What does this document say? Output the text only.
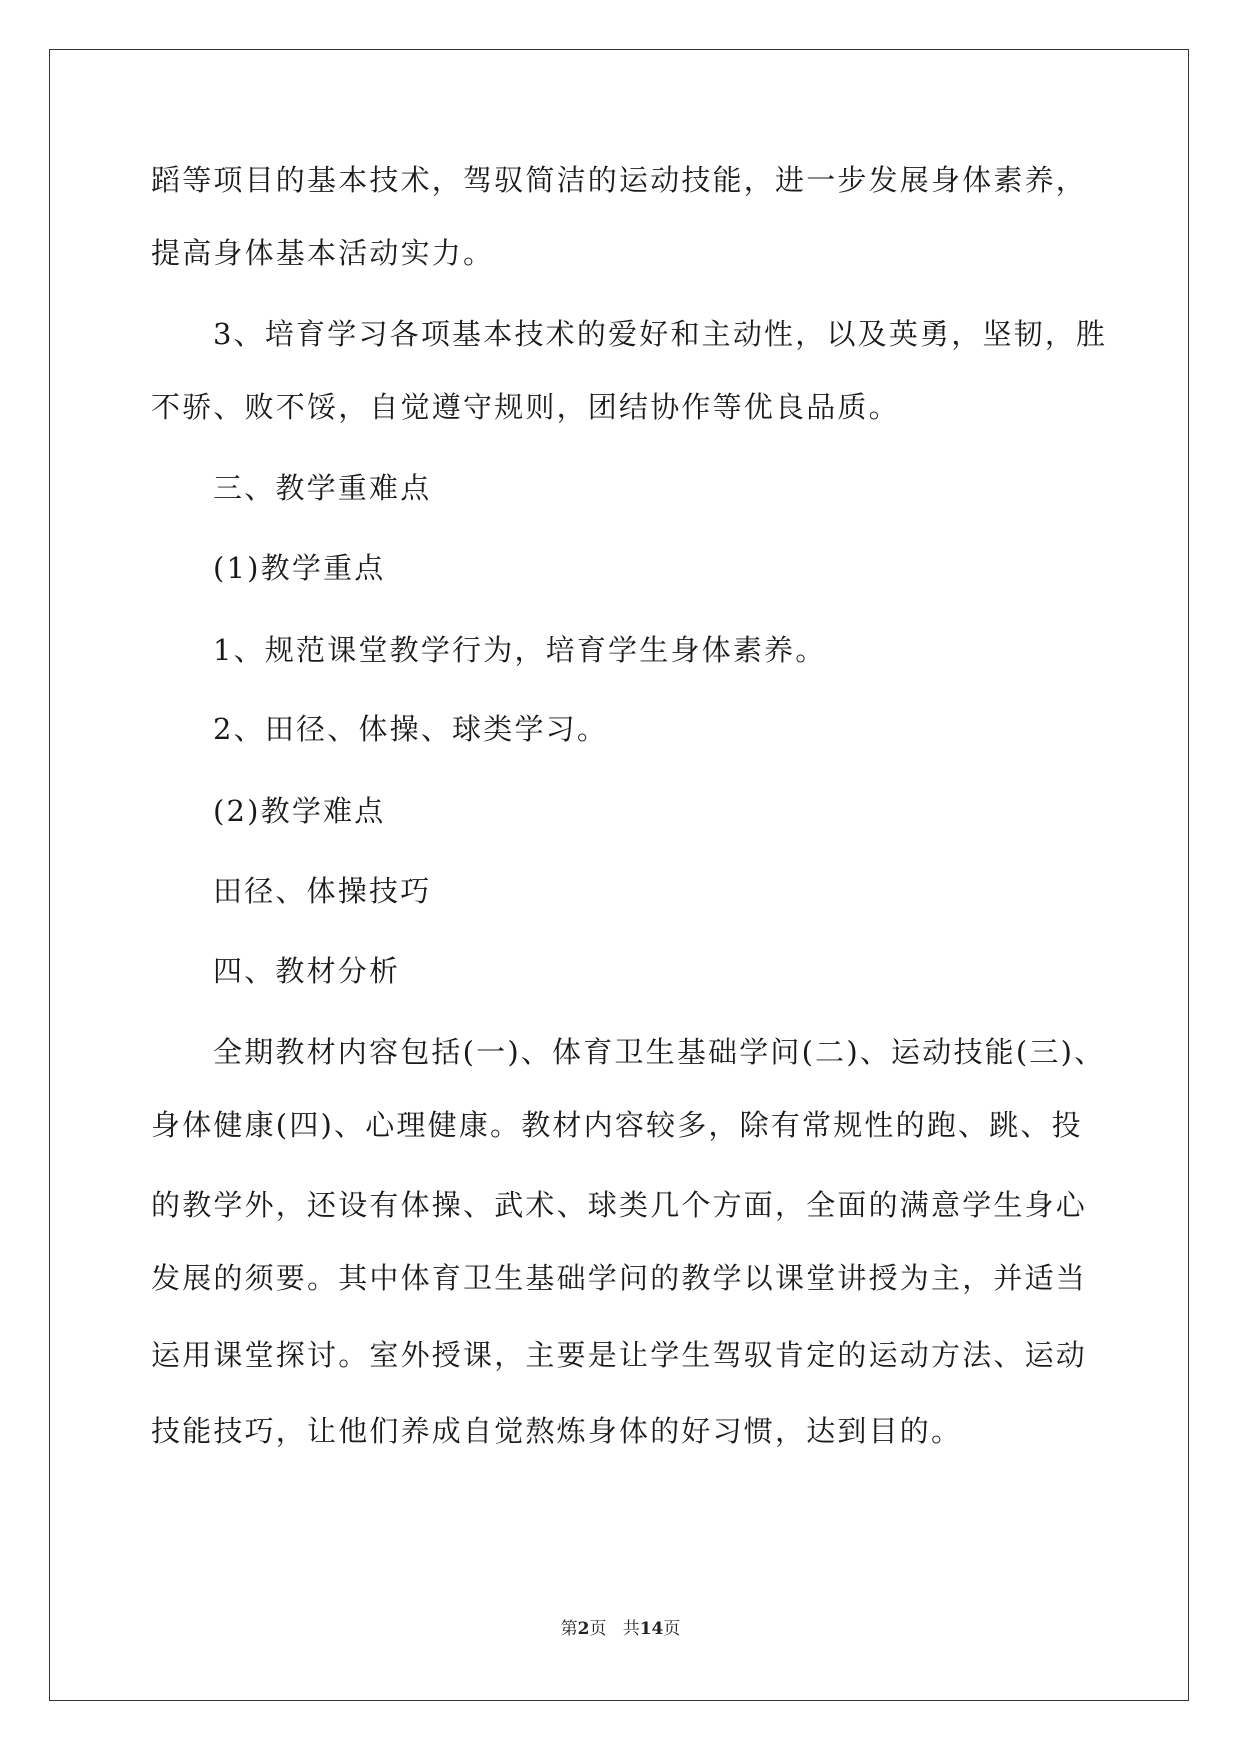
蹈等项目的基本技术，驾驭简洁的运动技能，进一步发展身体素养，
提高身体基本活动实力。
3、培育学习各项基本技术的爱好和主动性，以及英勇，坚韧，胜
不骄、败不馁，自觉遵守规则，团结协作等优良品质。
三、教学重难点
(1)教学重点
1、规范课堂教学行为，培育学生身体素养。
2、田径、体操、球类学习。
(2)教学难点
田径、体操技巧
四、教材分析
全期教材内容包括(一)、体育卫生基础学问(二)、运动技能(三)、
身体健康(四)、心理健康。教材内容较多，除有常规性的跑、跳、投
的教学外，还设有体操、武术、球类几个方面，全面的满意学生身心
发展的须要。其中体育卫生基础学问的教学以课堂讲授为主，并适当
运用课堂探讨。室外授课，主要是让学生驾驭肯定的运动方法、运动
技能技巧，让他们养成自觉熬炼身体的好习惯，达到目的。
第2页 共14页
